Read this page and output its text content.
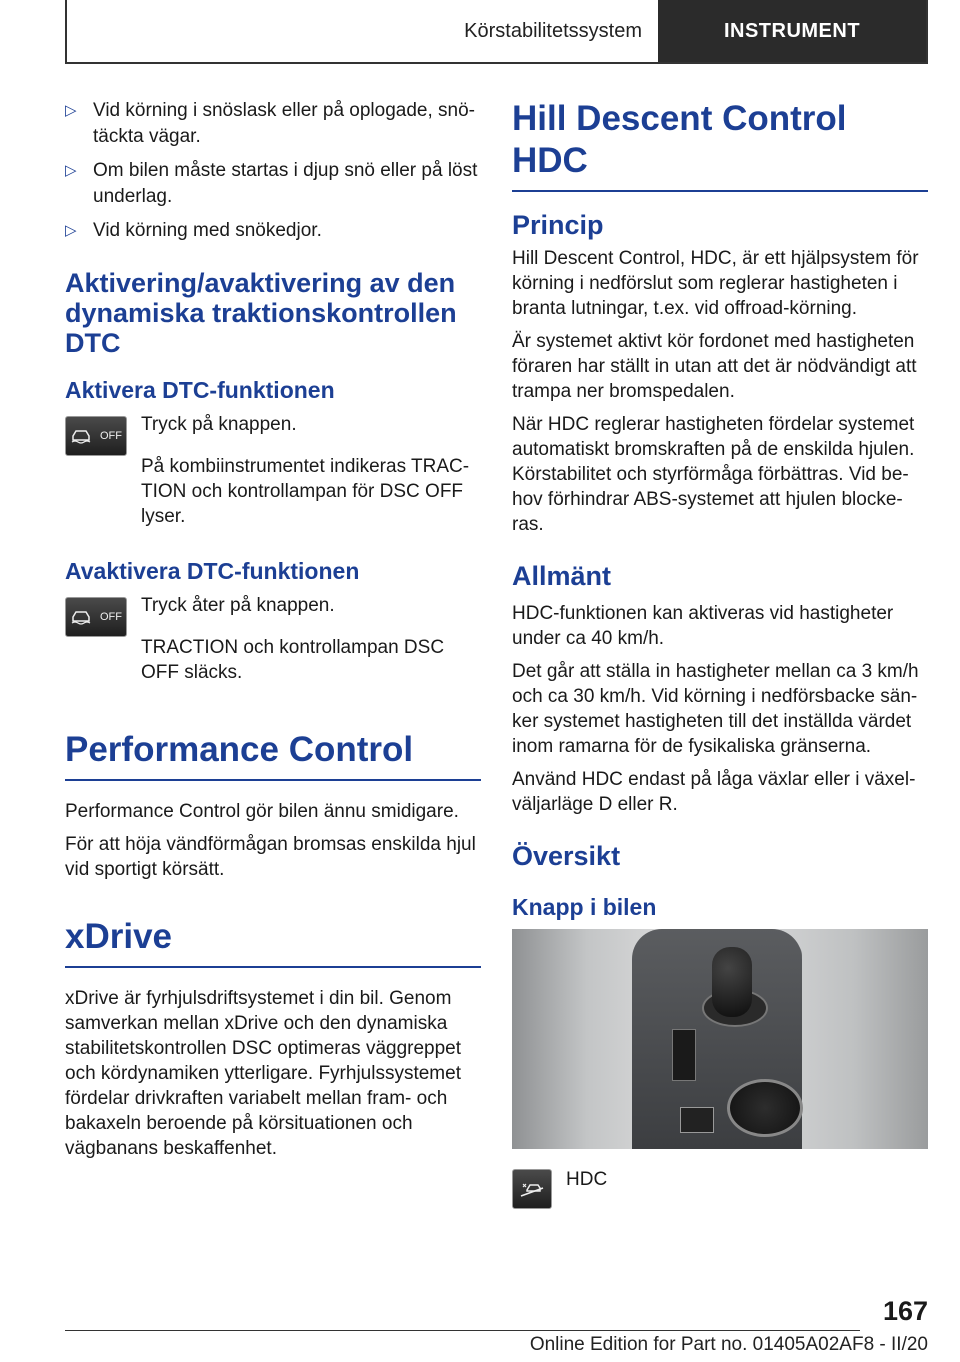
Körstabilitetssystem	INSTRUMENT
▷ Vid körning i snöslask eller på oplogade, snötäckta vägar.
▷ Om bilen måste startas i djup snö eller på löst underlag.
▷ Vid körning med snökedjor.
Aktivering/avaktivering av den dynamiska traktionskontrollen DTC
Aktivera DTC-funktionen
OFF

Tryck på knappen.

På kombiinstrumentet indikeras TRACTION och kontrollampan för DSC OFF lyser.

Avaktivera DTC-funktionen
OFF

Tryck åter på knappen.

TRACTION och kontrollampan DSC OFF släcks.

Performance Control

Performance Control gör bilen ännu smidigare.

För att höja vändförmågan bromsas enskilda hjul vid sportigt körsätt.

xDrive

xDrive är fyrhjulsdriftsystemet i din bil. Genom samverkan mellan xDrive och den dynamiska stabilitetskontrollen DSC optimeras väggreppet och kördynamiken ytterligare. Fyrhjulssystemet fördelar drivkraften variabelt mellan fram- och bakaxeln beroende på körsituationen och vägbanans beskaffenhet.

Hill Descent Control HDC
Princip

Hill Descent Control, HDC, är ett hjälpsystem för körning i nedförslut som reglerar hastigheten i branta lutningar, t.ex. vid offroad-körning.

Är systemet aktivt kör fordonet med hastigheten föraren har ställt in utan att det är nödvändigt att trampa ner bromspedalen.

När HDC reglerar hastigheten fördelar systemet automatiskt bromskraften på de enskilda hjulen. Körstabilitet och styrförmåga förbättras. Vid behov förhindrar ABS-systemet att hjulen blockeras.

Allmänt

HDC-funktionen kan aktiveras vid hastigheter under ca 40 km/h.

Det går att ställa in hastigheter mellan ca 3 km/h och ca 30 km/h. Vid körning i nedförsbacke sänker systemet hastigheten till det inställda värdet inom ramarna för de fysikaliska gränserna.

Använd HDC endast på låga växlar eller i växelväljarläge D eller R.

Översikt
Knapp i bilen

HDC

167
Online Edition for Part no. 01405A02AF8 - II/20
